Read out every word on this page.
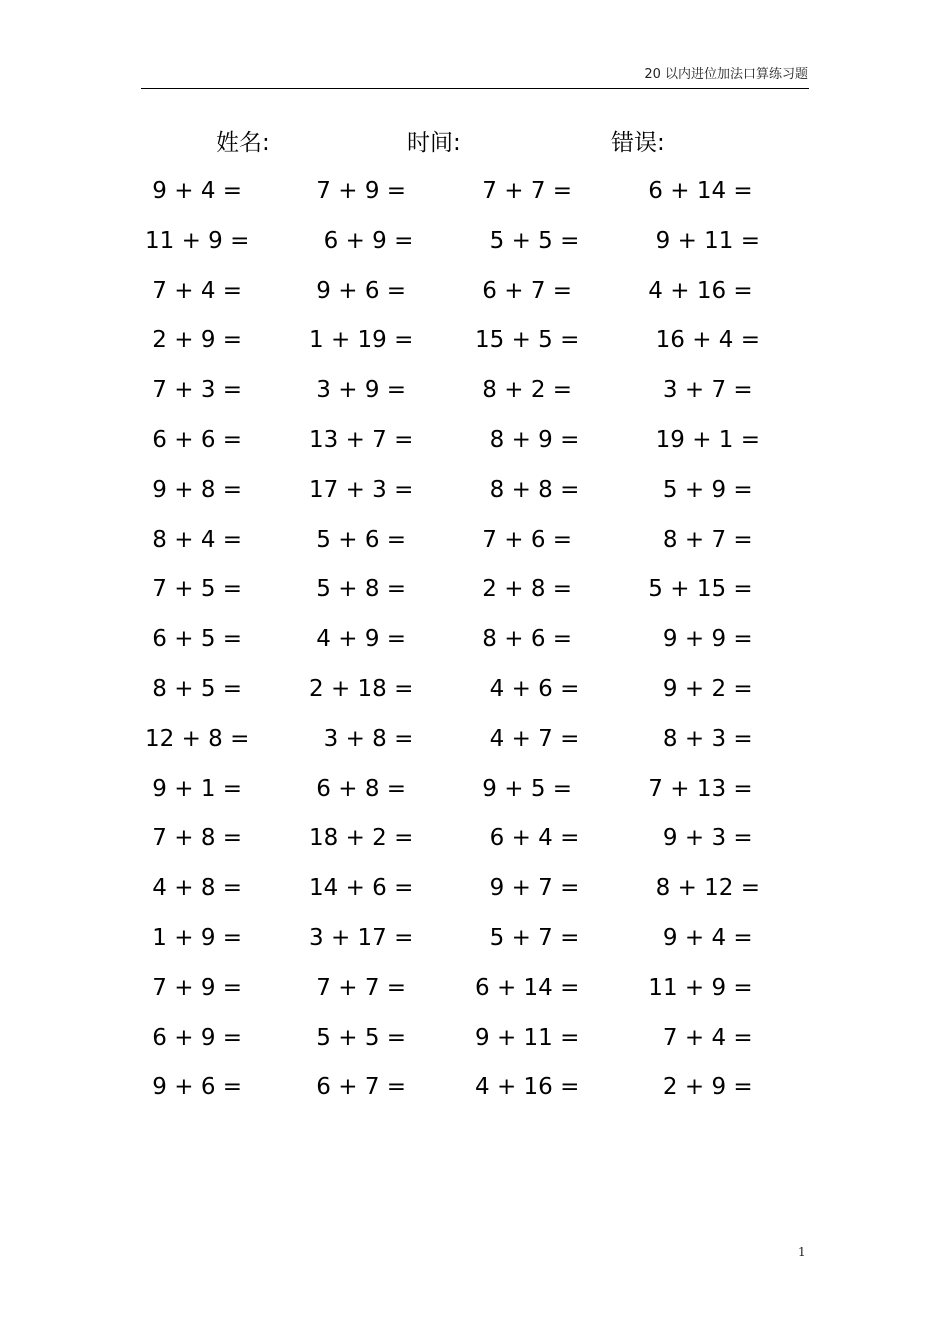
20 以内进位加法口算练习题
姓名:	时间:	错误:
9 + 4 =	7 + 9 =	7 + 7 =	6 + 14 =
11 + 9 =	6 + 9 =	5 + 5 =	9 + 11 =
7 + 4 =	9 + 6 =	6 + 7 =	4 + 16 =
2 + 9 =	1 + 19 =	15 + 5 =	16 + 4 =
7 + 3 =	3 + 9 =	8 + 2 =	3 + 7 =
6 + 6 =	13 + 7 =	8 + 9 =	19 + 1 =
9 + 8 =	17 + 3 =	8 + 8 =	5 + 9 =
8 + 4 =	5 + 6 =	7 + 6 =	8 + 7 =
7 + 5 =	5 + 8 =	2 + 8 =	5 + 15 =
6 + 5 =	4 + 9 =	8 + 6 =	9 + 9 =
8 + 5 =	2 + 18 =	4 + 6 =	9 + 2 =
12 + 8 =	3 + 8 =	4 + 7 =	8 + 3 =
9 + 1 =	6 + 8 =	9 + 5 =	7 + 13 =
7 + 8 =	18 + 2 =	6 + 4 =	9 + 3 =
4 + 8 =	14 + 6 =	9 + 7 =	8 + 12 =
1 + 9 =	3 + 17 =	5 + 7 =	9 + 4 =
7 + 9 =	7 + 7 =	6 + 14 =	11 + 9 =
6 + 9 =	5 + 5 =	9 + 11 =	7 + 4 =
9 + 6 =	6 + 7 =	4 + 16 =	2 + 9 =
1
